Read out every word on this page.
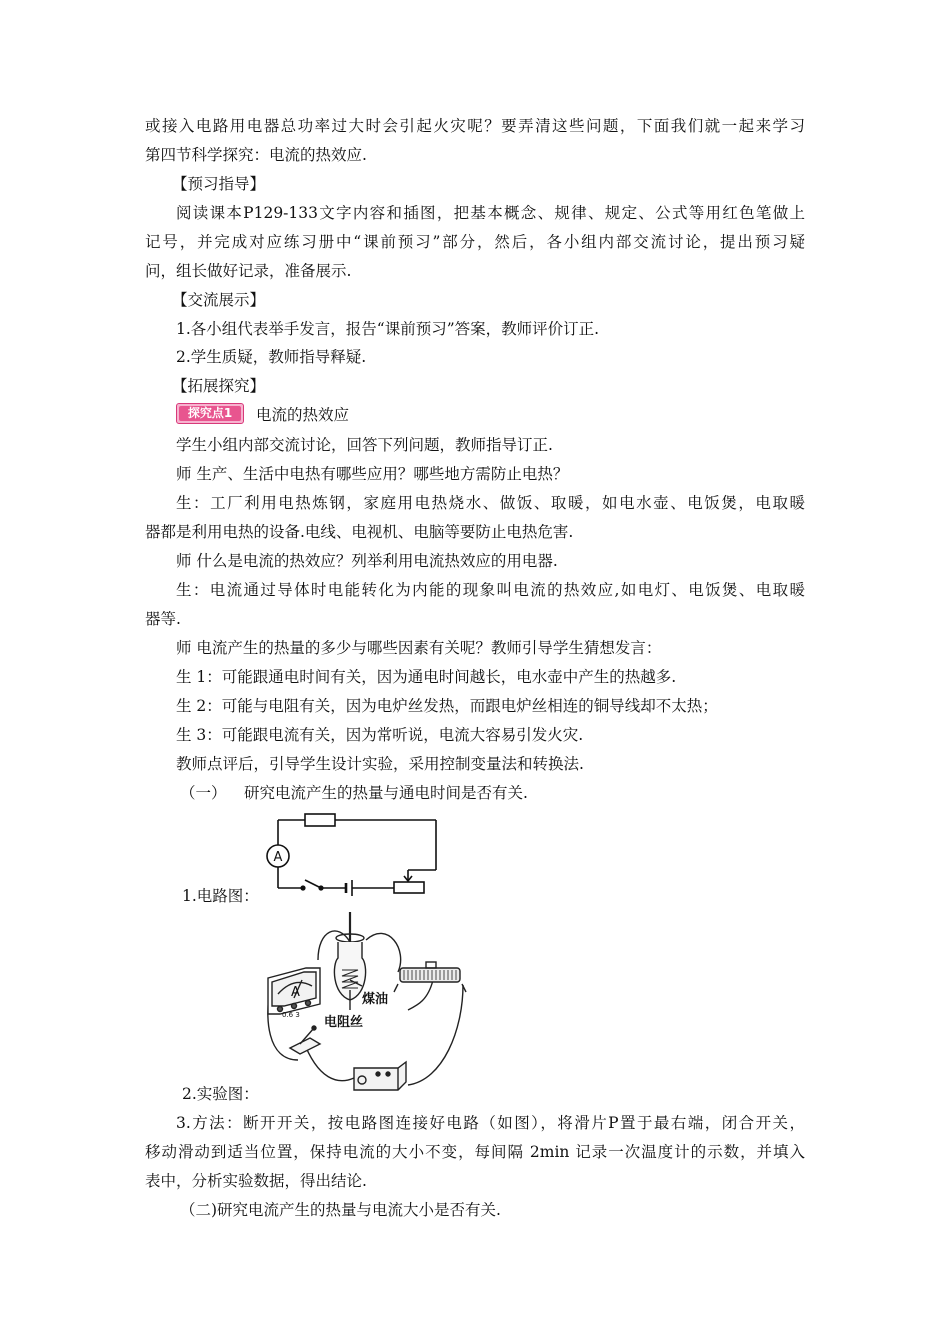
或接入电路用电器总功率过大时会引起火灾呢？要弄清这些问题，下面我们就一起来学习
第四节科学探究：电流的热效应.
【预习指导】
阅读课本P129-133文字内容和插图，把基本概念、规律、规定、公式等用红色笔做上
记号，并完成对应练习册中“课前预习”部分，然后，各小组内部交流讨论，提出预习疑
问，组长做好记录，准备展示.
【交流展示】
1.各小组代表举手发言，报告“课前预习”答案，教师评价订正.
2.学生质疑，教师指导释疑.
【拓展探究】
探究点1	电流的热效应
学生小组内部交流讨论，回答下列问题，教师指导订正.
师 生产、生活中电热有哪些应用？哪些地方需防止电热？
生：工厂利用电热炼钢，家庭用电热烧水、做饭、取暖，如电水壶、电饭煲，电取暖
器都是利用电热的设备.电线、电视机、电脑等要防止电热危害.
师 什么是电流的热效应？列举利用电流热效应的用电器.
生：电流通过导体时电能转化为内能的现象叫电流的热效应,如电灯、电饭煲、电取暖
器等.
师 电流产生的热量的多少与哪些因素有关呢？教师引导学生猜想发言：
生 1：可能跟通电时间有关，因为通电时间越长，电水壶中产生的热越多.
生 2：可能与电阻有关，因为电炉丝发热，而跟电炉丝相连的铜导线却不太热；
生 3：可能跟电流有关，因为常听说，电流大容易引发火灾.
教师点评后，引导学生设计实验，采用控制变量法和转换法.
（一） 研究电流产生的热量与通电时间是否有关.
A
1.电路图：
A
0.6 3
煤油
电阻丝
2.实验图：
3.方法：断开开关，按电路图连接好电路（如图），将滑片P置于最右端，闭合开关，
移动滑动到适当位置，保持电流的大小不变，每间隔 2min 记录一次温度计的示数，并填入
表中，分析实验数据，得出结论.
（二)研究电流产生的热量与电流大小是否有关.
